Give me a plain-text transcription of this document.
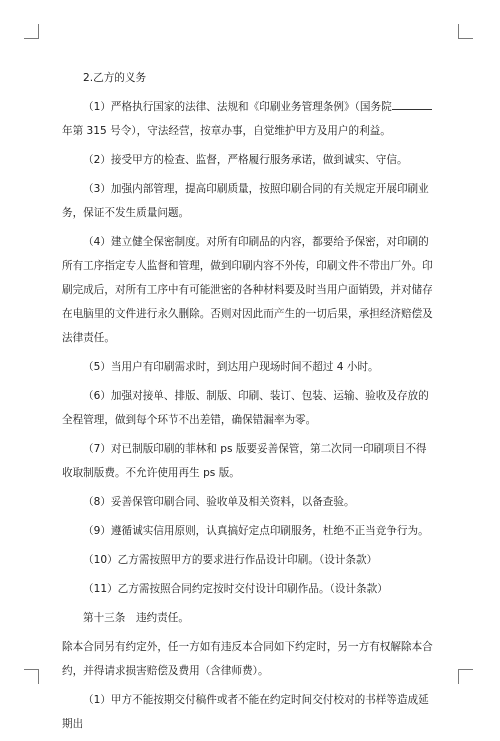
2.乙方的义务

（1）严格执行国家的法律、法规和《印刷业务管理条例》（国务院年第 315 号令），守法经营，按章办事，自觉维护甲方及用户的利益。

（2）接受甲方的检查、监督，严格履行服务承诺，做到诚实、守信。

（3）加强内部管理，提高印刷质量，按照印刷合同的有关规定开展印刷业务，保证不发生质量问题。

（4）建立健全保密制度。对所有印刷品的内容，都要给予保密，对印刷的所有工序指定专人监督和管理，做到印刷内容不外传，印刷文件不带出厂外。印刷完成后，对所有工序中有可能泄密的各种材料要及时当用户面销毁，并对储存在电脑里的文件进行永久删除。否则对因此而产生的一切后果，承担经济赔偿及法律责任。

（5）当用户有印刷需求时，到达用户现场时间不超过 4 小时。

（6）加强对接单、排版、制版、印刷、装订、包装、运输、验收及存放的全程管理，做到每个环节不出差错，确保错漏率为零。

（7）对已制版印刷的菲林和 ps 版要妥善保管，第二次同一印刷项目不得收取制版费。不允许使用再生 ps 版。

（8）妥善保管印刷合同、验收单及相关资料，以备查验。

（9）遵循诚实信用原则，认真搞好定点印刷服务，杜绝不正当竞争行为。

（10）乙方需按照甲方的要求进行作品设计印刷。（设计条款）

（11）乙方需按照合同约定按时交付设计印刷作品。（设计条款）

第十三条　违约责任。

除本合同另有约定外，任一方如有违反本合同如下约定时，另一方有权解除本合约，并得请求损害赔偿及费用（含律师费）。

（1）甲方不能按期交付稿件或者不能在约定时间交付校对的书样等造成延期出
